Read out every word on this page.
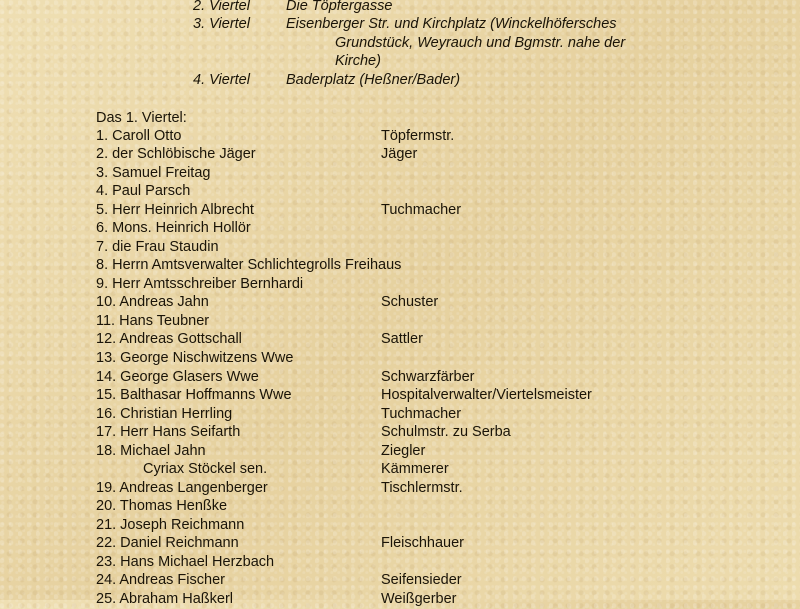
2. Viertel Die Töpfergasse
3. Viertel Eisenberger Str. und Kirchplatz (Winckelhöfersches
Grundstück, Weyrauch und Bgmstr. nahe der
Kirche)
4. Viertel Baderplatz (Heßner/Bader)
Das 1. Viertel:
1. Caroll Otto	Töpfermstr.
2. der Schlöbische Jäger	Jäger
3. Samuel Freitag
4. Paul Parsch
5. Herr Heinrich Albrecht	Tuchmacher
6. Mons. Heinrich Hollör
7. die Frau Staudin
8. Herrn Amtsverwalter Schlichtegrolls Freihaus
9. Herr Amtsschreiber Bernhardi
10. Andreas Jahn	Schuster
11. Hans Teubner
12. Andreas Gottschall	Sattler
13. George Nischwitzens Wwe
14. George Glasers Wwe	Schwarzfärber
15. Balthasar Hoffmanns Wwe	Hospitalverwalter/Viertelsmeister
16. Christian Herrling	Tuchmacher
17. Herr Hans Seifarth	Schulmstr. zu Serba
18. Michael Jahn	Ziegler
Cyriax Stöckel sen.	Kämmerer
19. Andreas Langenberger	Tischlermstr.
20. Thomas Henßke
21. Joseph Reichmann
22. Daniel Reichmann	Fleischhauer
23. Hans Michael Herzbach
24. Andreas Fischer	Seifensieder
25. Abraham Haßkerl	Weißgerber
